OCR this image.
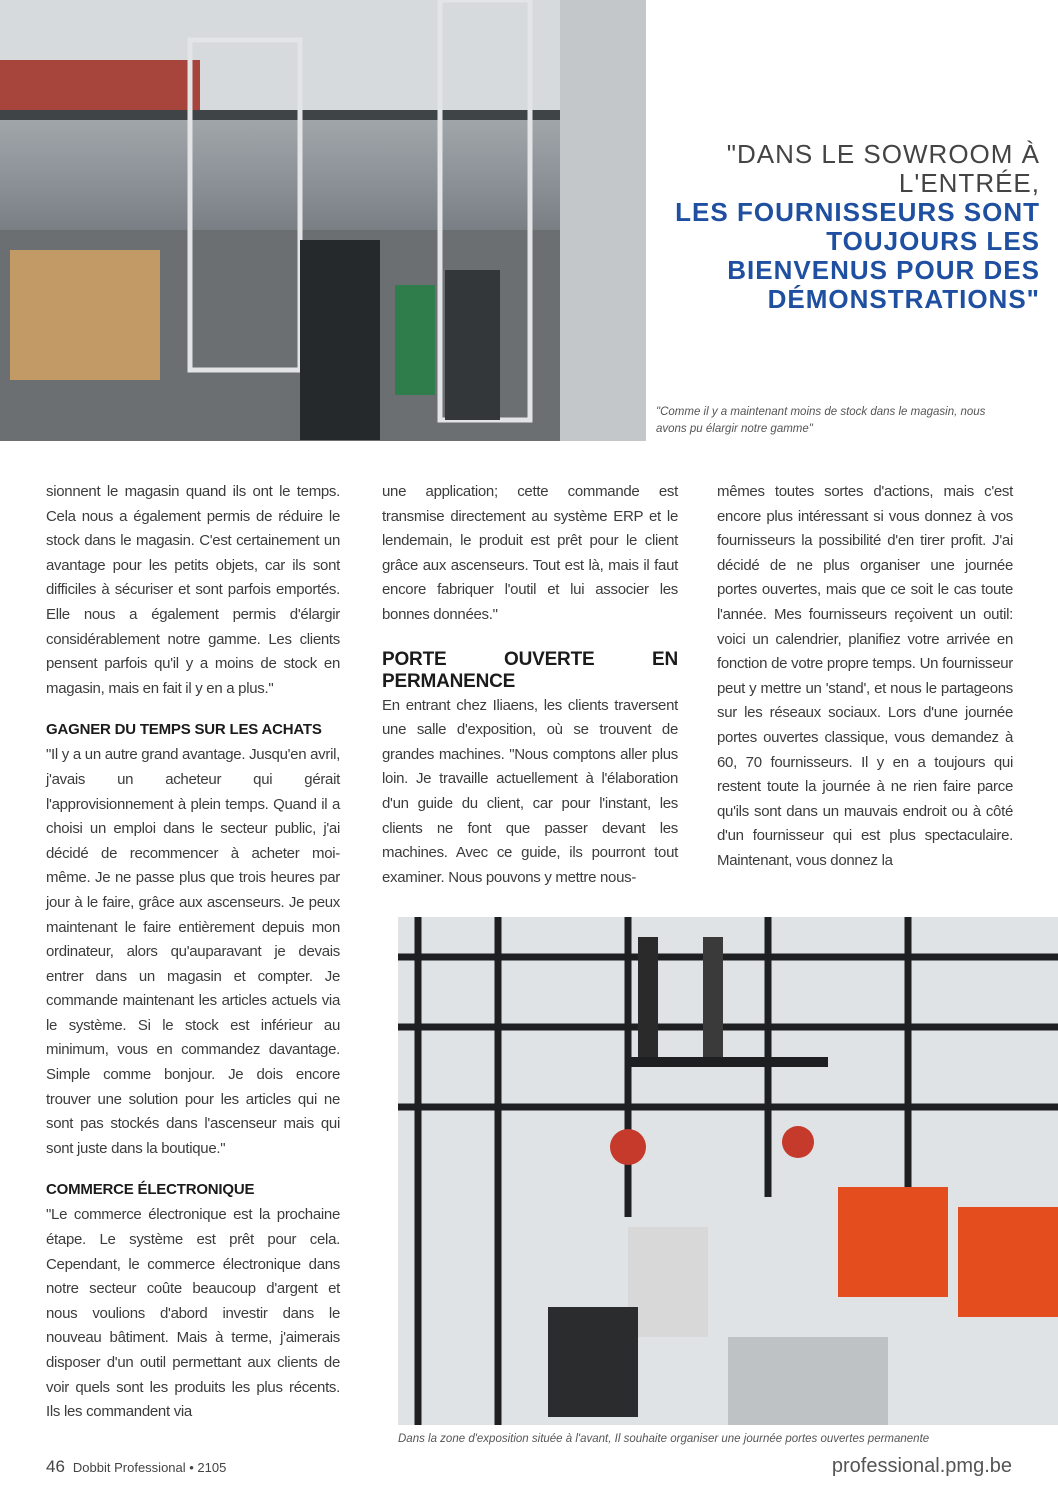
"DANS LE SOWROOM À L'ENTRÉE,
LES FOURNISSEURS SONT TOUJOURS LES BIENVENUS POUR DES DÉMONSTRATIONS"
"Comme il y a maintenant moins de stock dans le magasin, nous avons pu élargir notre gamme"

sionnent le magasin quand ils ont le temps. Cela nous a également permis de réduire le stock dans le magasin. C'est certainement un avantage pour les petits objets, car ils sont difficiles à sécuriser et sont parfois emportés. Elle nous a également permis d'élargir considérablement notre gamme. Les clients pensent parfois qu'il y a moins de stock en magasin, mais en fait il y en a plus."

GAGNER DU TEMPS SUR LES ACHATS

"Il y a un autre grand avantage. Jusqu'en avril, j'avais un acheteur qui gérait l'approvisionnement à plein temps. Quand il a choisi un emploi dans le secteur public, j'ai décidé de recommencer à acheter moi-même. Je ne passe plus que trois heures par jour à le faire, grâce aux ascenseurs. Je peux maintenant le faire entièrement depuis mon ordinateur, alors qu'auparavant je devais entrer dans un magasin et compter. Je commande maintenant les articles actuels via le système. Si le stock est inférieur au minimum, vous en commandez davantage. Simple comme bonjour. Je dois encore trouver une solution pour les articles qui ne sont pas stockés dans l'ascenseur mais qui sont juste dans la boutique."

COMMERCE ÉLECTRONIQUE

"Le commerce électronique est la prochaine étape. Le système est prêt pour cela. Cependant, le commerce électronique dans notre secteur coûte beaucoup d'argent et nous voulions d'abord investir dans le nouveau bâtiment. Mais à terme, j'aimerais disposer d'un outil permettant aux clients de voir quels sont les produits les plus récents. Ils les commandent via

une application; cette commande est transmise directement au système ERP et le lendemain, le produit est prêt pour le client grâce aux ascenseurs. Tout est là, mais il faut encore fabriquer l'outil et lui associer les bonnes données."

PORTE OUVERTE EN PERMANENCE

En entrant chez Iliaens, les clients traversent une salle d'exposition, où se trouvent de grandes machines. "Nous comptons aller plus loin. Je travaille actuellement à l'élaboration d'un guide du client, car pour l'instant, les clients ne font que passer devant les machines. Avec ce guide, ils pourront tout examiner. Nous pouvons y mettre nous-

mêmes toutes sortes d'actions, mais c'est encore plus intéressant si vous donnez à vos fournisseurs la possibilité d'en tirer profit. J'ai décidé de ne plus organiser une journée portes ouvertes, mais que ce soit le cas toute l'année. Mes fournisseurs reçoivent un outil: voici un calendrier, planifiez votre arrivée en fonction de votre propre temps. Un fournisseur peut y mettre un 'stand', et nous le partageons sur les réseaux sociaux. Lors d'une journée portes ouvertes classique, vous demandez à 60, 70 fournisseurs. Il y en a toujours qui restent toute la journée à ne rien faire parce qu'ils sont dans un mauvais endroit ou à côté d'un fournisseur qui est plus spectaculaire. Maintenant, vous donnez la

Dans la zone d'exposition située à l'avant, Il souhaite organiser une journée portes ouvertes permanente
46 Dobbit Professional • 2105	professional.pmg.be
